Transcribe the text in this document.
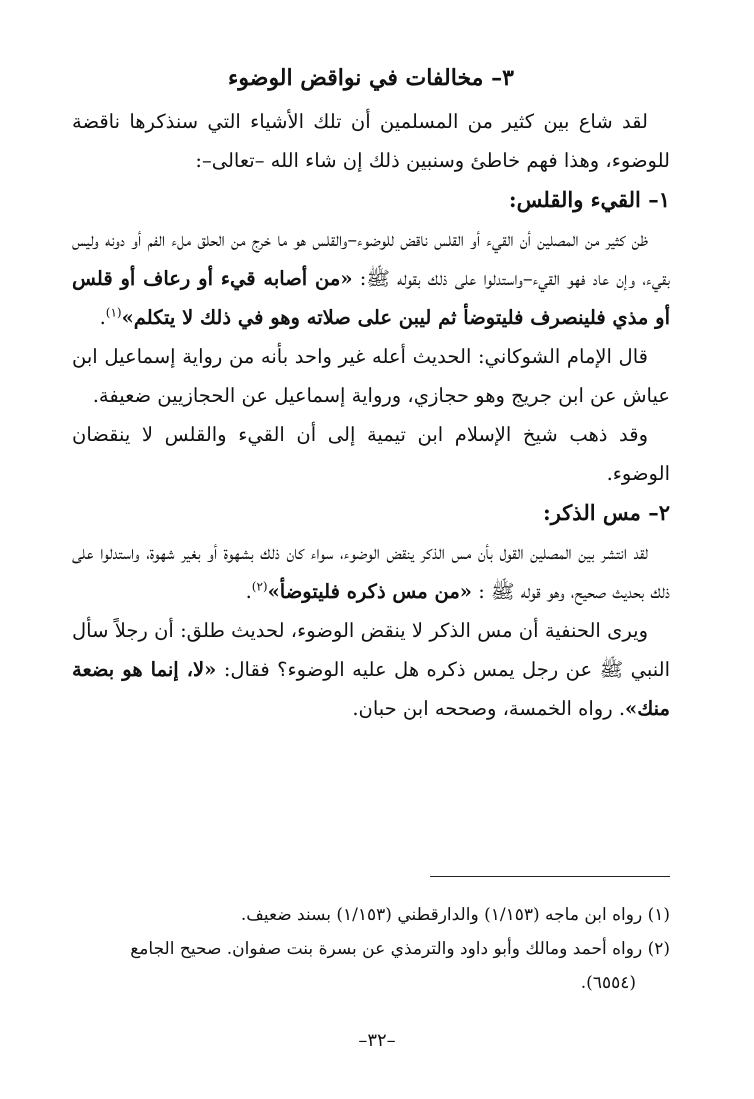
٣– مخالفات في نواقض الوضوء

لقد شاع بين كثير من المسلمين أن تلك الأشياء التي سنذكرها ناقضة للوضوء، وهذا فهم خاطئ وسنبين ذلك إن شاء الله –تعالى–:

١– القيء والقلس:

ظن كثير من المصلين أن القيء أو القلس ناقض للوضوء–والقلس هو ما خرج من الحلق ملء الفم أو دونه وليس بقيء، وإن عاد فهو القيء–واستدلوا على ذلك بقوله ﷺ: «من أصابه قيء أو رعاف أو قلس أو مذي فلينصرف فليتوضأ ثم ليبن على صلاته وهو في ذلك لا يتكلم»$^{(١)}$.

قال الإمام الشوكاني: الحديث أعله غير واحد بأنه من رواية إسماعيل ابن عياش عن ابن جريج وهو حجازي، ورواية إسماعيل عن الحجازيين ضعيفة.

وقد ذهب شيخ الإسلام ابن تيمية إلى أن القيء والقلس لا ينقضان الوضوء.

٢– مس الذكر:

لقد انتشر بين المصلين القول بأن مس الذكر ينقض الوضوء، سواء كان ذلك بشهوة أو بغير شهوة، واستدلوا على ذلك بحديث صحيح، وهو قوله ﷺ : «من مس ذكره فليتوضأ»$^{(٢)}$.

ويرى الحنفية أن مس الذكر لا ينقض الوضوء، لحديث طلق: أن رجلاً سأل النبي ﷺ عن رجل يمس ذكره هل عليه الوضوء؟ فقال: «لا، إنما هو بضعة منك». رواه الخمسة، وصححه ابن حبان.

(١) رواه ابن ماجه (١/١٥٣) والدارقطني (١/١٥٣) بسند ضعيف.

(٢) رواه أحمد ومالك وأبو داود والترمذي عن بسرة بنت صفوان. صحيح الجامع

(٦٥٥٤).

–٣٢–
